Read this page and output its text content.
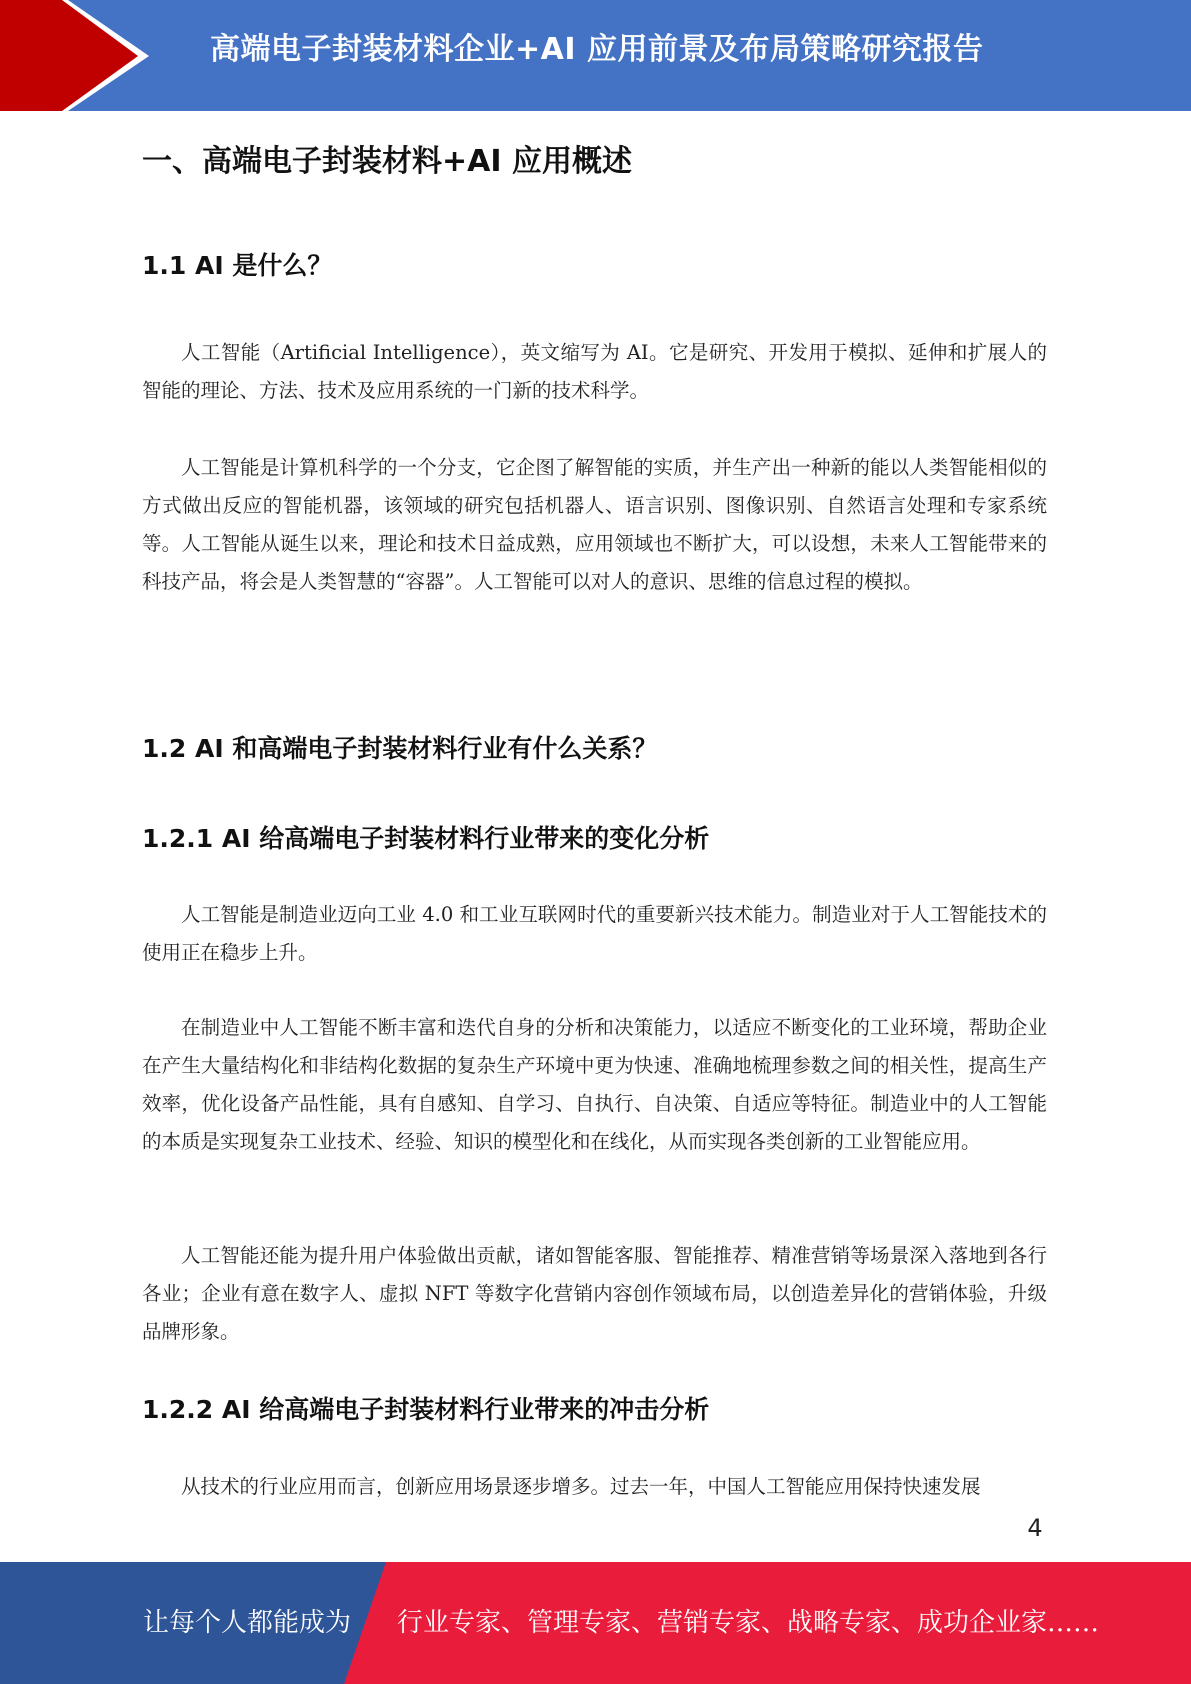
高端电子封装材料企业+AI 应用前景及布局策略研究报告
一、高端电子封装材料+AI 应用概述
1.1 AI 是什么？
人工智能（Artificial Intelligence），英文缩写为 AI。它是研究、开发用于模拟、延伸和扩展人的智能的理论、方法、技术及应用系统的一门新的技术科学。
人工智能是计算机科学的一个分支，它企图了解智能的实质，并生产出一种新的能以人类智能相似的方式做出反应的智能机器，该领域的研究包括机器人、语言识别、图像识别、自然语言处理和专家系统等。人工智能从诞生以来，理论和技术日益成熟，应用领域也不断扩大，可以设想，未来人工智能带来的科技产品，将会是人类智慧的“容器”。人工智能可以对人的意识、思维的信息过程的模拟。
1.2 AI 和高端电子封装材料行业有什么关系？
1.2.1 AI 给高端电子封装材料行业带来的变化分析
人工智能是制造业迈向工业 4.0 和工业互联网时代的重要新兴技术能力。制造业对于人工智能技术的使用正在稳步上升。
在制造业中人工智能不断丰富和迭代自身的分析和决策能力，以适应不断变化的工业环境，帮助企业在产生大量结构化和非结构化数据的复杂生产环境中更为快速、准确地梳理参数之间的相关性，提高生产效率，优化设备产品性能，具有自感知、自学习、自执行、自决策、自适应等特征。制造业中的人工智能的本质是实现复杂工业技术、经验、知识的模型化和在线化，从而实现各类创新的工业智能应用。
人工智能还能为提升用户体验做出贡献，诸如智能客服、智能推荐、精准营销等场景深入落地到各行各业；企业有意在数字人、虚拟 NFT 等数字化营销内容创作领域布局，以创造差异化的营销体验，升级品牌形象。
1.2.2 AI 给高端电子封装材料行业带来的冲击分析
从技术的行业应用而言，创新应用场景逐步增多。过去一年，中国人工智能应用保持快速发展
4
让每个人都能成为 行业专家、管理专家、营销专家、战略专家、成功企业家……
